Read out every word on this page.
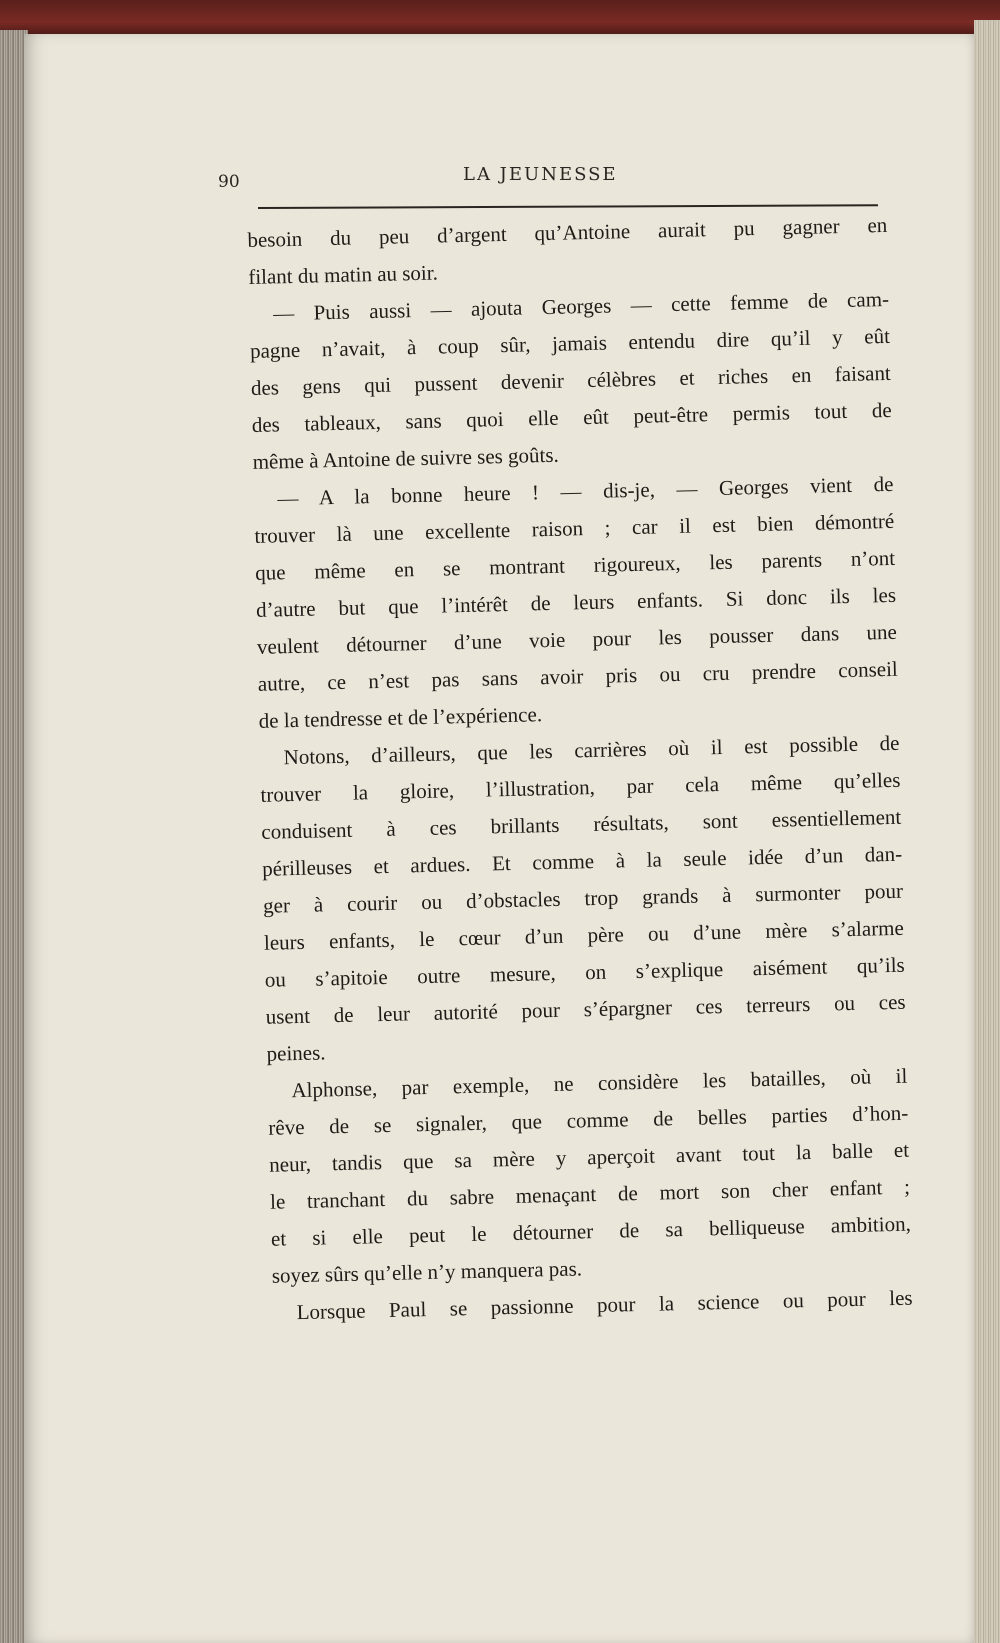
90	LA JEUNESSE
besoin du peu d’argent qu’Antoine aurait pu gagner en
filant du matin au soir.
— Puis aussi — ajouta Georges — cette femme de cam-
pagne n’avait, à coup sûr, jamais entendu dire qu’il y eût
des gens qui pussent devenir célèbres et riches en faisant
des tableaux, sans quoi elle eût peut-être permis tout de
même à Antoine de suivre ses goûts.
— A la bonne heure ! — dis-je, — Georges vient de
trouver là une excellente raison ; car il est bien démontré
que même en se montrant rigoureux, les parents n’ont
d’autre but que l’intérêt de leurs enfants. Si donc ils les
veulent détourner d’une voie pour les pousser dans une
autre, ce n’est pas sans avoir pris ou cru prendre conseil
de la tendresse et de l’expérience.
Notons, d’ailleurs, que les carrières où il est possible de
trouver la gloire, l’illustration, par cela même qu’elles
conduisent à ces brillants résultats, sont essentiellement
périlleuses et ardues. Et comme à la seule idée d’un dan-
ger à courir ou d’obstacles trop grands à surmonter pour
leurs enfants, le cœur d’un père ou d’une mère s’alarme
ou s’apitoie outre mesure, on s’explique aisément qu’ils
usent de leur autorité pour s’épargner ces terreurs ou ces
peines.
Alphonse, par exemple, ne considère les batailles, où il
rêve de se signaler, que comme de belles parties d’hon-
neur, tandis que sa mère y aperçoit avant tout la balle et
le tranchant du sabre menaçant de mort son cher enfant ;
et si elle peut le détourner de sa belliqueuse ambition,
soyez sûrs qu’elle n’y manquera pas.
Lorsque Paul se passionne pour la science ou pour les
